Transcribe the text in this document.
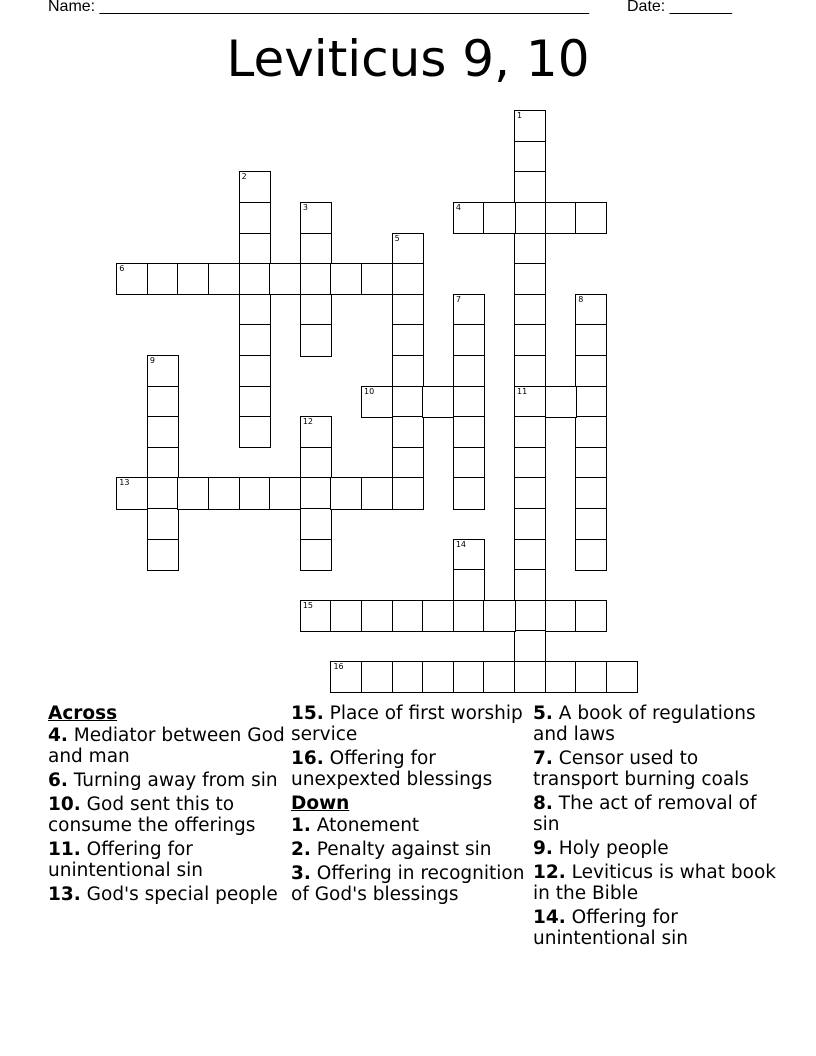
Name: _______________________________________________________ Date: _______
Leviticus 9, 10
1
11
2
3	4
5
6
7	8
9
10
12
13
14
15
16
Across
4. Mediator between God and man
6. Turning away from sin
10. God sent this to consume the offerings
11. Offering for unintentional sin
13. God's special people
15. Place of first worship service
16. Offering for unexpexted blessings
Down
1. Atonement
2. Penalty against sin
3. Offering in recognition of God's blessings
5. A book of regulations and laws
7. Censor used to transport burning coals
8. The act of removal of sin
9. Holy people
12. Leviticus is what book in the Bible
14. Offering for unintentional sin
